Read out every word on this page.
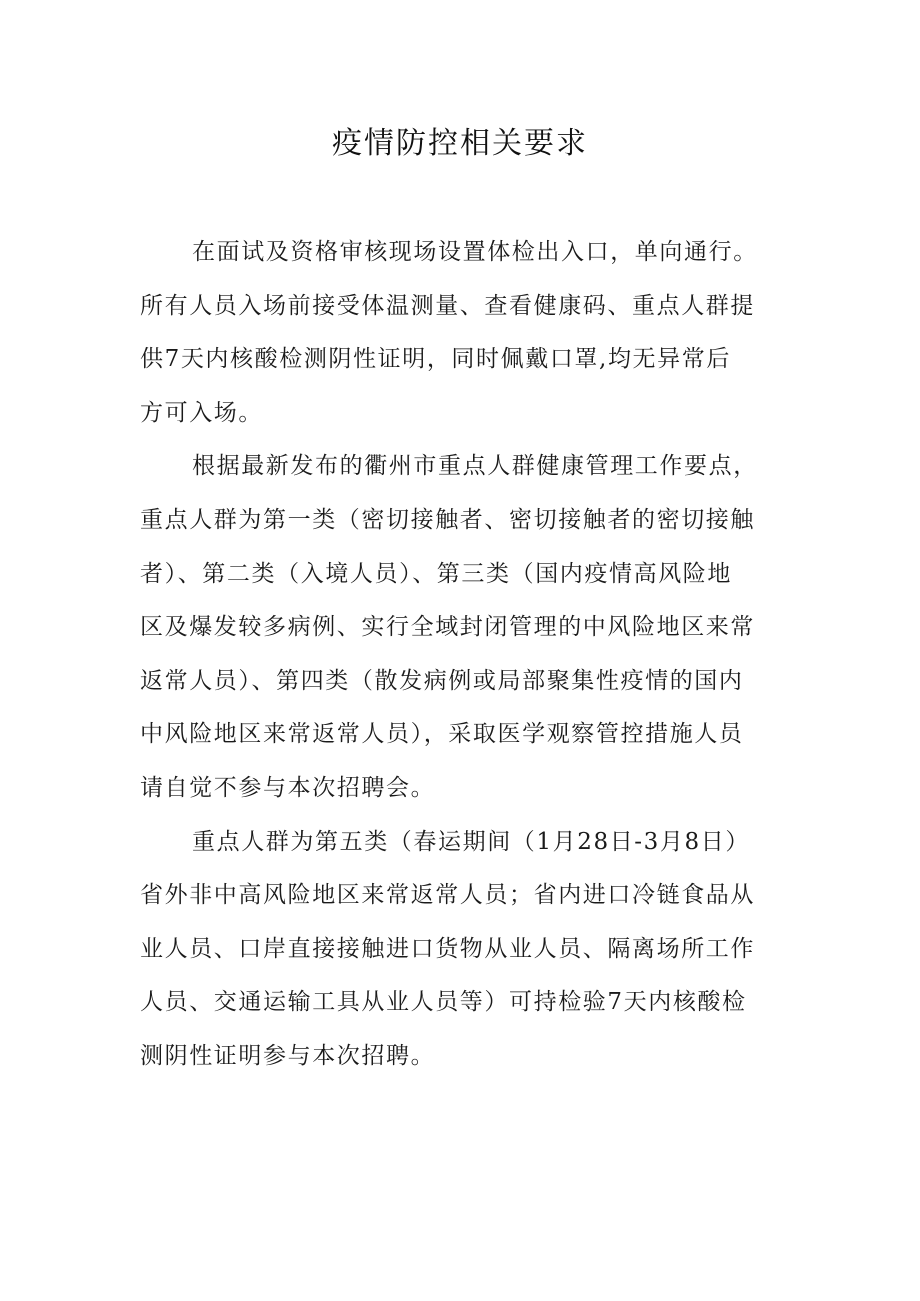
疫情防控相关要求
在面试及资格审核现场设置体检出入口，单向通行。
所有人员入场前接受体温测量、查看健康码、重点人群提
供7天内核酸检测阴性证明，同时佩戴口罩,均无异常后
方可入场。
根据最新发布的衢州市重点人群健康管理工作要点，
重点人群为第一类（密切接触者、密切接触者的密切接触
者）、第二类（入境人员）、第三类（国内疫情高风险地
区及爆发较多病例、实行全域封闭管理的中风险地区来常
返常人员）、第四类（散发病例或局部聚集性疫情的国内
中风险地区来常返常人员），采取医学观察管控措施人员
请自觉不参与本次招聘会。
重点人群为第五类（春运期间（1月28日-3月8日）
省外非中高风险地区来常返常人员；省内进口冷链食品从
业人员、口岸直接接触进口货物从业人员、隔离场所工作
人员、交通运输工具从业人员等）可持检验7天内核酸检
测阴性证明参与本次招聘。
